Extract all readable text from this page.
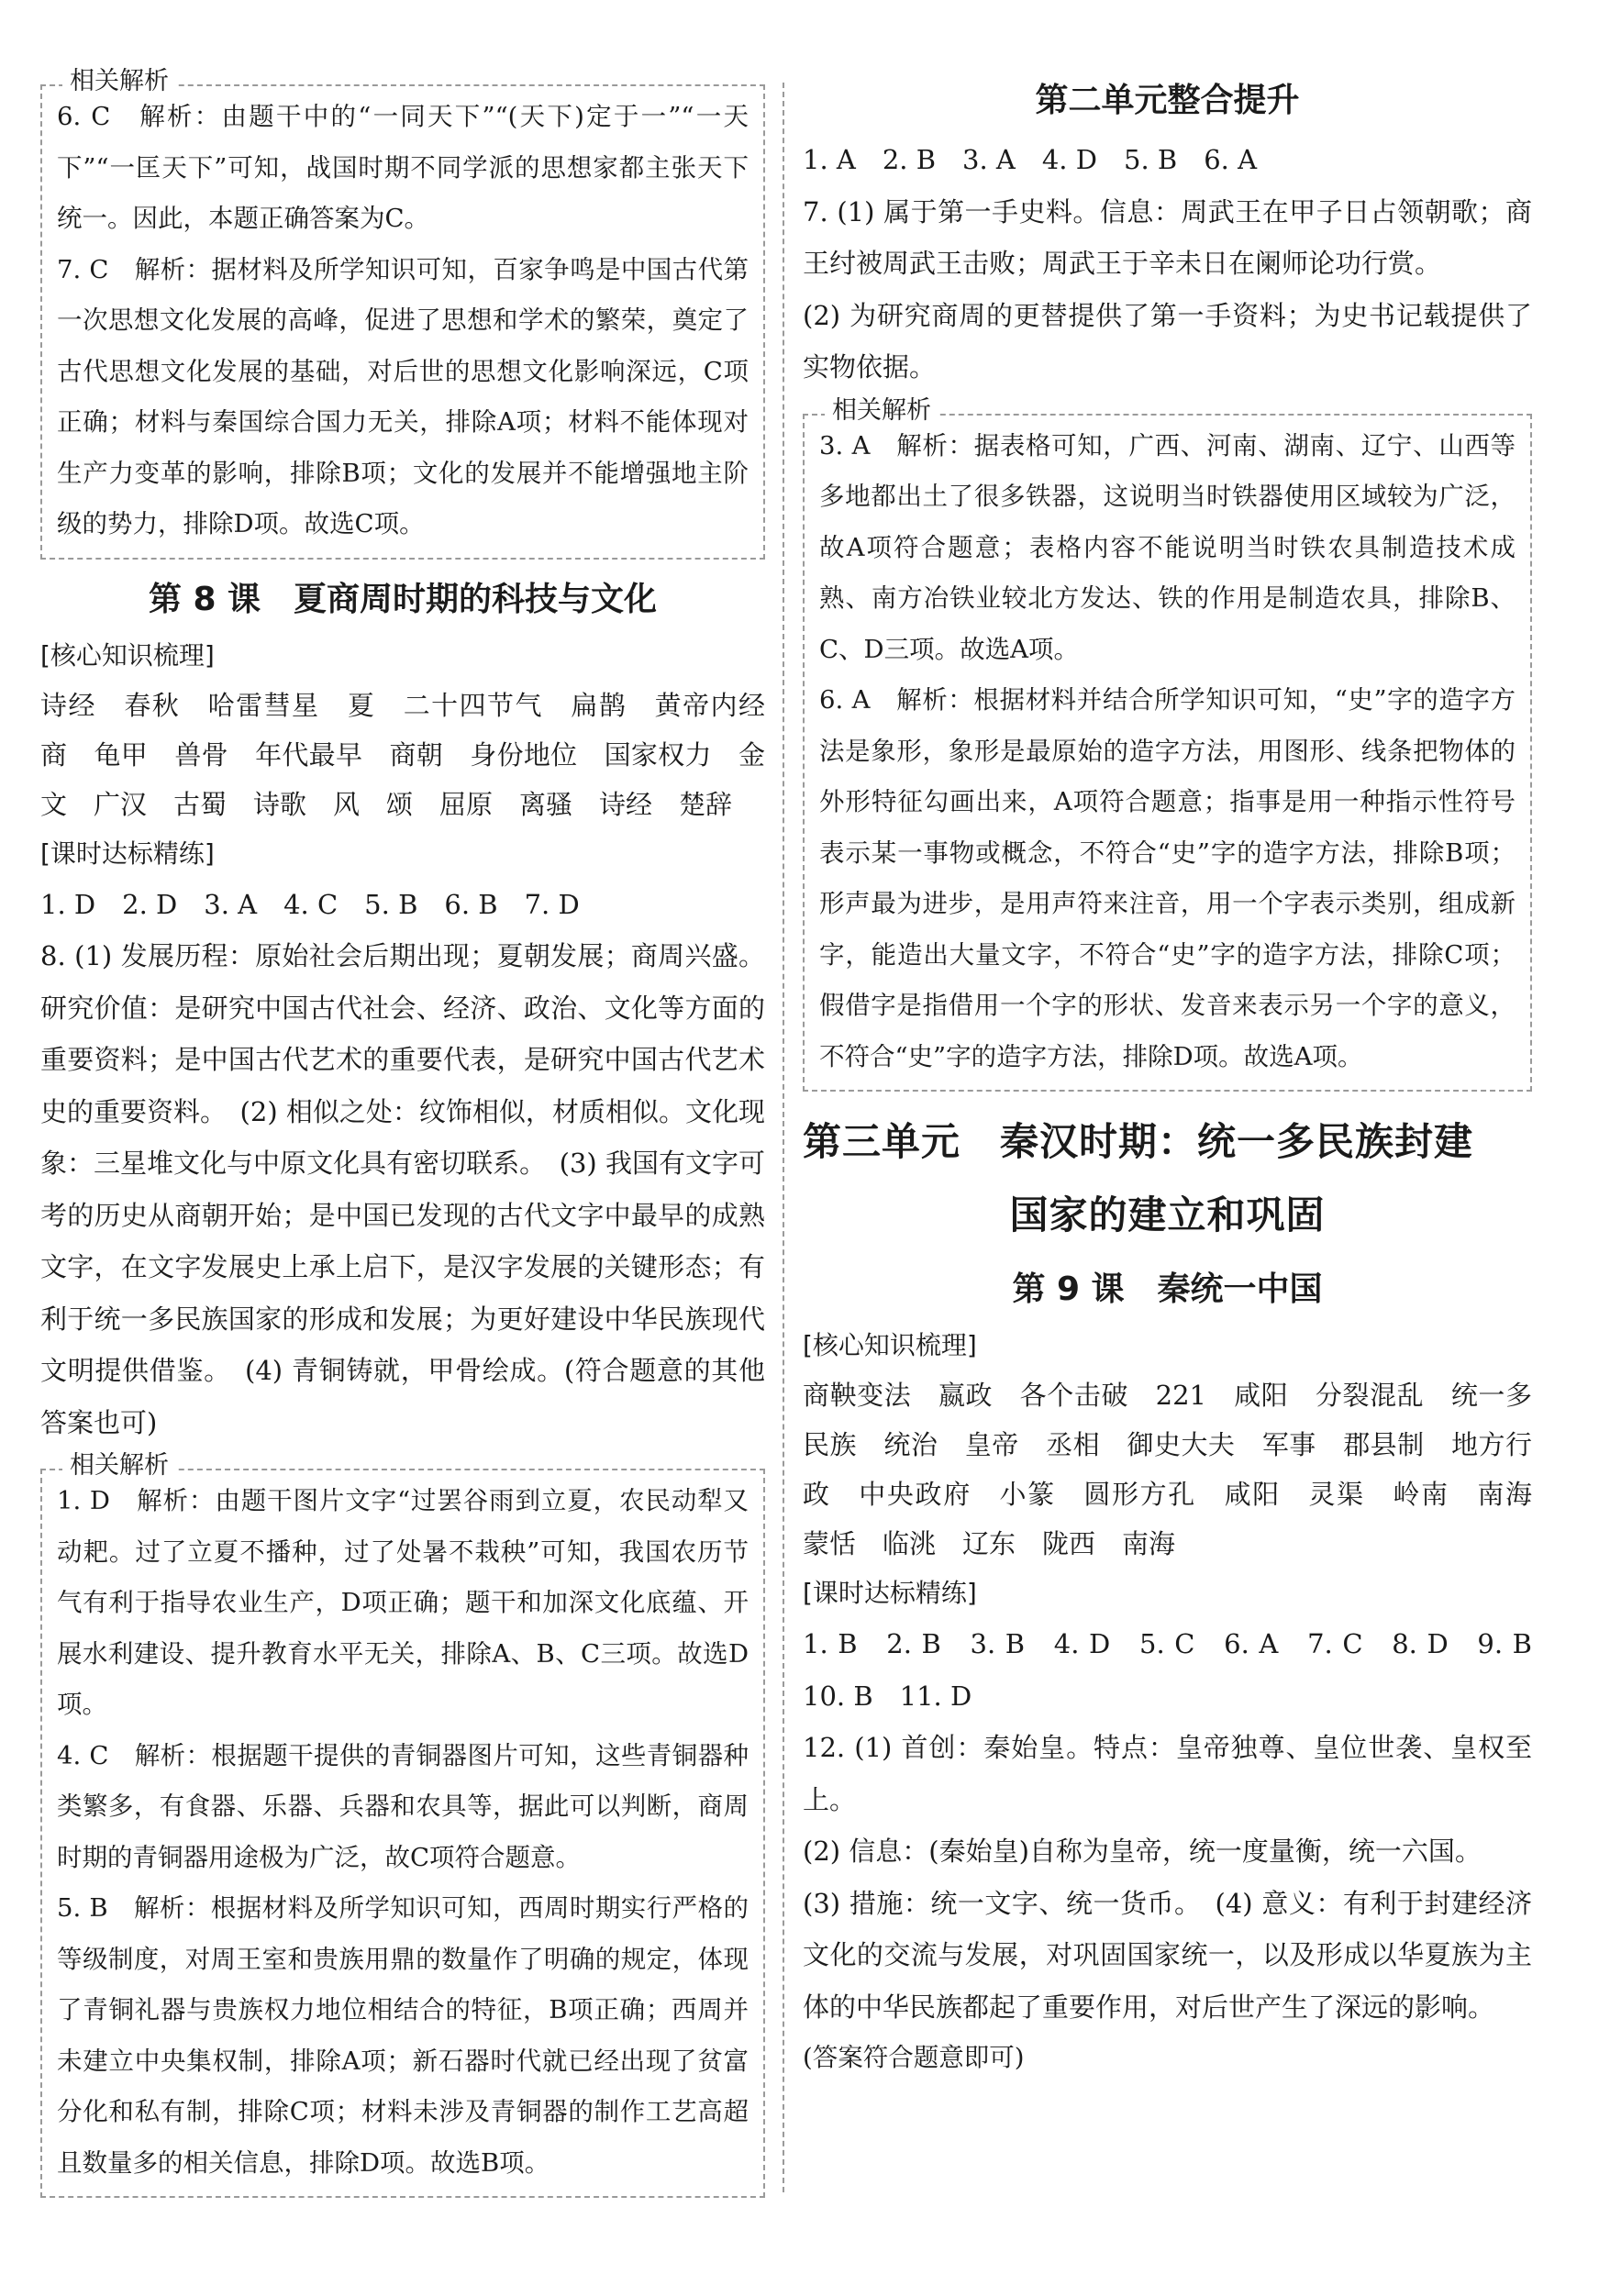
相关解析

6. C　解析：由题干中的“一同天下”“(天下)定于一”“一天下”“一匡天下”可知，战国时期不同学派的思想家都主张天下统一。因此，本题正确答案为C。

7. C　解析：据材料及所学知识可知，百家争鸣是中国古代第一次思想文化发展的高峰，促进了思想和学术的繁荣，奠定了古代思想文化发展的基础，对后世的思想文化影响深远，C项正确；材料与秦国综合国力无关，排除A项；材料不能体现对生产力变革的影响，排除B项；文化的发展并不能增强地主阶级的势力，排除D项。故选C项。

第 8 课　夏商周时期的科技与文化
[核心知识梳理]

诗经　春秋　哈雷彗星　夏　二十四节气　扁鹊　黄帝内经　商　龟甲　兽骨　年代最早　商朝　身份地位　国家权力　金文　广汉　古蜀　诗歌　风　颂　屈原　离骚　诗经　楚辞

[课时达标精练]

1. D　2. D　3. A　4. C　5. B　6. B　7. D

8. (1) 发展历程：原始社会后期出现；夏朝发展；商周兴盛。研究价值：是研究中国古代社会、经济、政治、文化等方面的重要资料；是中国古代艺术的重要代表，是研究中国古代艺术史的重要资料。　(2) 相似之处：纹饰相似，材质相似。文化现象：三星堆文化与中原文化具有密切联系。　(3) 我国有文字可考的历史从商朝开始；是中国已发现的古代文字中最早的成熟文字，在文字发展史上承上启下，是汉字发展的关键形态；有利于统一多民族国家的形成和发展；为更好建设中华民族现代文明提供借鉴。　(4) 青铜铸就，甲骨绘成。(符合题意的其他答案也可)

相关解析

1. D　解析：由题干图片文字“过罢谷雨到立夏，农民动犁又动耙。过了立夏不播种，过了处暑不栽秧”可知，我国农历节气有利于指导农业生产，D项正确；题干和加深文化底蕴、开展水利建设、提升教育水平无关，排除A、B、C三项。故选D项。

4. C　解析：根据题干提供的青铜器图片可知，这些青铜器种类繁多，有食器、乐器、兵器和农具等，据此可以判断，商周时期的青铜器用途极为广泛，故C项符合题意。

5. B　解析：根据材料及所学知识可知，西周时期实行严格的等级制度，对周王室和贵族用鼎的数量作了明确的规定，体现了青铜礼器与贵族权力地位相结合的特征，B项正确；西周并未建立中央集权制，排除A项；新石器时代就已经出现了贫富分化和私有制，排除C项；材料未涉及青铜器的制作工艺高超且数量多的相关信息，排除D项。故选B项。

第二单元整合提升

1. A　2. B　3. A　4. D　5. B　6. A

7. (1) 属于第一手史料。信息：周武王在甲子日占领朝歌；商王纣被周武王击败；周武王于辛未日在阑师论功行赏。

(2) 为研究商周的更替提供了第一手资料；为史书记载提供了实物依据。

相关解析

3. A　解析：据表格可知，广西、河南、湖南、辽宁、山西等多地都出土了很多铁器，这说明当时铁器使用区域较为广泛，故A项符合题意；表格内容不能说明当时铁农具制造技术成熟、南方冶铁业较北方发达、铁的作用是制造农具，排除B、C、D三项。故选A项。

6. A　解析：根据材料并结合所学知识可知，“史”字的造字方法是象形，象形是最原始的造字方法，用图形、线条把物体的外形特征勾画出来，A项符合题意；指事是用一种指示性符号表示某一事物或概念，不符合“史”字的造字方法，排除B项；形声最为进步，是用声符来注音，用一个字表示类别，组成新字，能造出大量文字，不符合“史”字的造字方法，排除C项；假借字是指借用一个字的形状、发音来表示另一个字的意义，不符合“史”字的造字方法，排除D项。故选A项。

第三单元　秦汉时期：统一多民族封建
国家的建立和巩固
第 9 课　秦统一中国
[核心知识梳理]

商鞅变法　嬴政　各个击破　221　咸阳　分裂混乱　统一多民族　统治　皇帝　丞相　御史大夫　军事　郡县制　地方行政　中央政府　小篆　圆形方孔　咸阳　灵渠　岭南　南海　蒙恬　临洮　辽东　陇西　南海

[课时达标精练]

1. B　2. B　3. B　4. D　5. C　6. A　7. C　8. D　9. B　10. B　11. D

12. (1) 首创：秦始皇。特点：皇帝独尊、皇位世袭、皇权至上。

(2) 信息：(秦始皇)自称为皇帝，统一度量衡，统一六国。

(3) 措施：统一文字、统一货币。　(4) 意义：有利于封建经济文化的交流与发展，对巩固国家统一，以及形成以华夏族为主体的中华民族都起了重要作用，对后世产生了深远的影响。

(答案符合题意即可)
